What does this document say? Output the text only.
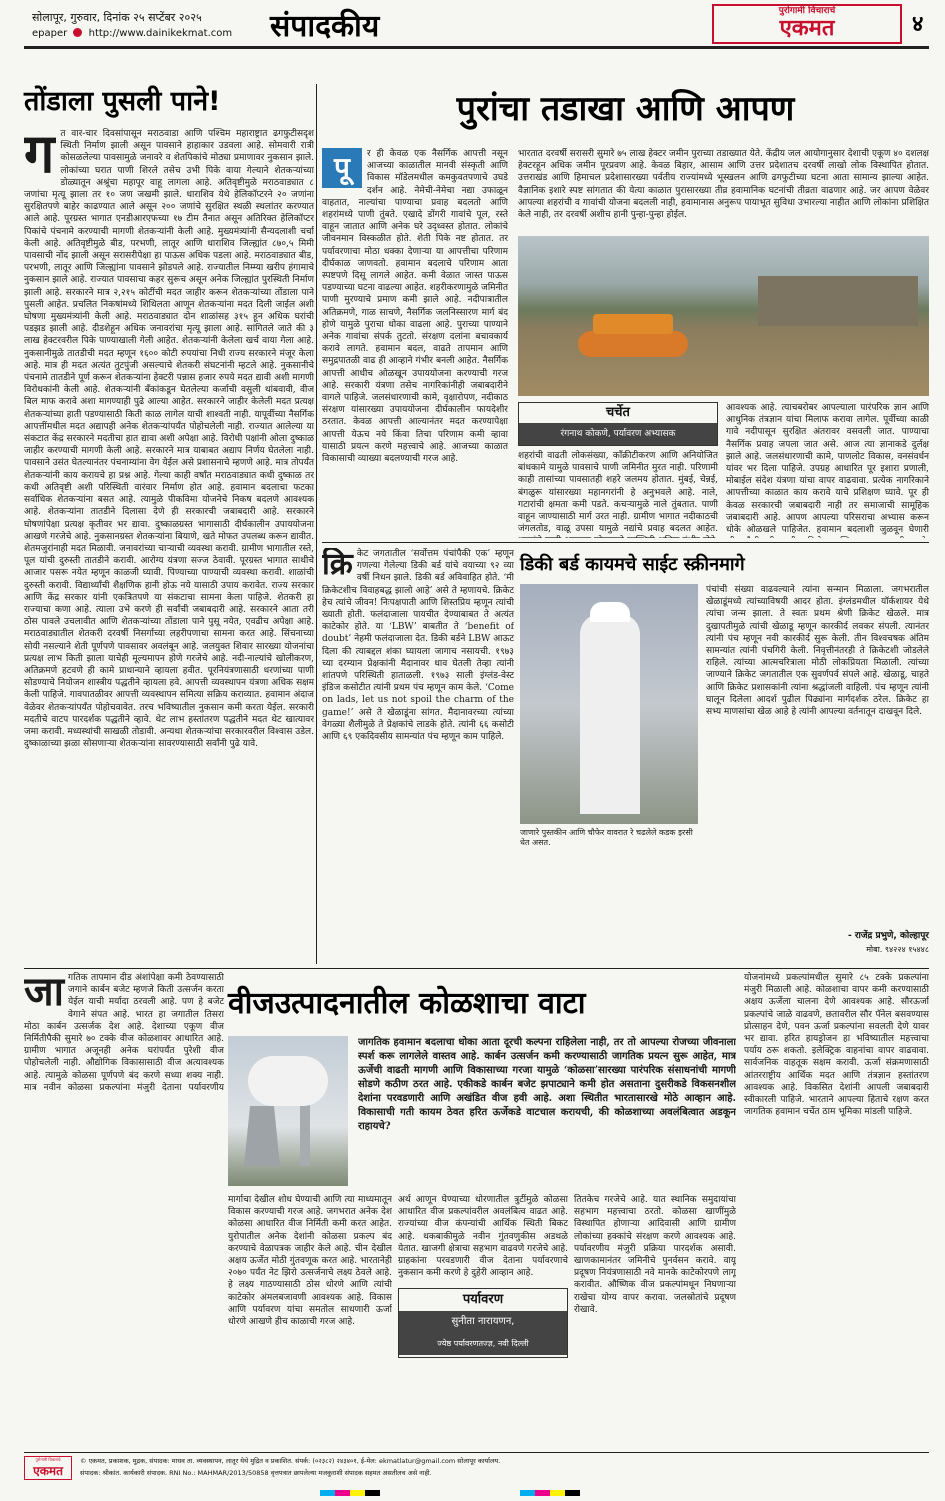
सोलापूर, गुरुवार, दिनांक २५ सप्टेंबर २०२५
epaper http://www.dainikekmat.com संपादकीय	पुरोगामी विचाराचे
एकमत	४
तोंडाला पुसली पाने!
ग त वार-चार दिवसांपासून मराठवाडा आणि पश्चिम महाराष्ट्रात ढगफुटीसदृश स्थिती निर्माण झाली असून पावसाने हाहाकार उडवला आहे. सोमवारी रात्री कोसळलेल्या पावसामुळे जनावरे व शेतपिकांचे मोठ्या प्रमाणावर नुकसान झाले. लोकांच्या घरात पाणी शिरले तसेच उभी पिके वाया गेल्याने शेतकऱ्यांच्या डोळ्यातून अश्रूंचा महापूर वाहू लागला आहे. अतिवृष्टीमुळे मराठवाड्यात ८ जणांचा मृत्यू झाला तर १० जण जखमी झाले. धाराशिव येथे हेलिकॉप्टरने २० जणांना सुरक्षितपणे बाहेर काढण्यात आले असून २०० जणांचे सुरक्षित स्थळी स्थलांतर करण्यात आले आहे. पूरग्रस्त भागात एनडीआरएफच्या १७ टीम तैनात असून अतिरिक्त हेलिकॉप्टर पिकांचे पंचनामे करण्याची मागणी शेतकऱ्यांनी केली आहे. मुख्यमंत्र्यांनी सैन्यदलाशी चर्चा केली आहे. अतिवृष्टीमुळे बीड, परभणी, लातूर आणि धाराशिव जिल्ह्यांत ८७०,५ मिमी पावसाची नोंद झाली असून सरासरीपेक्षा हा पाऊस अधिक पडला आहे. मराठवाड्यात बीड, परभणी, लातूर आणि जिल्ह्यांना पावसाने झोडपले आहे. राज्यातील निम्म्या खरीप हंगामाचे नुकसान झाले आहे. राज्यात पावसाचा कहर सुरूच असून अनेक जिल्ह्यांत पुरस्थिती निर्माण झाली आहे. सरकारने मात्र २,२१५ कोटींची मदत जाहीर करून शेतकऱ्यांच्या तोंडाला पाने पुसली आहेत. प्रचलित निकषांमध्ये शिथिलता आणून शेतकऱ्यांना मदत दिली जाईल अशी घोषणा मुख्यमंत्र्यांनी केली आहे. मराठवाड्यात दोन शाळांसह ३१५ हून अधिक घरांची पडझड झाली आहे. दीडशेहून अधिक जनावरांचा मृत्यू झाला आहे. सांगितले जाते की ३ लाख हेक्टरवरील पिके पाण्याखाली गेली आहेत. शेतकऱ्यांनी केलेला खर्च वाया गेला आहे. नुकसानीमुळे तातडीची मदत म्हणून १६०० कोटी रुपयांचा निधी राज्य सरकारने मंजूर केला आहे. मात्र ही मदत अत्यंत तुटपुंजी असल्याचे शेतकरी संघटनांनी म्हटले आहे. नुकसानीचे पंचनामे तातडीने पूर्ण करून शेतकऱ्यांना हेक्टरी पन्नास हजार रुपये मदत द्यावी अशी मागणी विरोधकांनी केली आहे. शेतकऱ्यांनी बँकांकडून घेतलेल्या कर्जाची वसुली थांबवावी, वीज बिल माफ करावे अशा मागण्याही पुढे आल्या आहेत. सरकारने जाहीर केलेली मदत प्रत्यक्ष शेतकऱ्यांच्या हाती पडण्यासाठी किती काळ लागेल याची शाश्वती नाही. यापूर्वीच्या नैसर्गिक आपत्तींमधील मदत अद्यापही अनेक शेतकऱ्यांपर्यंत पोहोचलेली नाही. राज्यात आलेल्या या संकटात केंद्र सरकारने मदतीचा हात द्यावा अशी अपेक्षा आहे. विरोधी पक्षांनी ओला दुष्काळ जाहीर करण्याची मागणी केली आहे. सरकारने मात्र याबाबत अद्याप निर्णय घेतलेला नाही. पावसाने उसंत घेतल्यानंतर पंचनाम्यांना वेग येईल असे प्रशासनाचे म्हणणे आहे. मात्र तोपर्यंत शेतकऱ्यांनी काय करायचे हा प्रश्न आहे. गेल्या काही वर्षांत मराठवाड्यात कधी दुष्काळ तर कधी अतिवृष्टी अशी परिस्थिती वारंवार निर्माण होत आहे. हवामान बदलाचा फटका सर्वाधिक शेतकऱ्यांना बसत आहे. त्यामुळे पीकविमा योजनेचे निकष बदलणे आवश्यक आहे. शेतकऱ्यांना तातडीने दिलासा देणे ही सरकारची जबाबदारी आहे. सरकारने घोषणांपेक्षा प्रत्यक्ष कृतीवर भर द्यावा. दुष्काळग्रस्त भागासाठी दीर्घकालीन उपाययोजना आखणे गरजेचे आहे. नुकसानग्रस्त शेतकऱ्यांना बियाणे, खते मोफत उपलब्ध करून द्यावीत. शेतमजुरांनाही मदत मिळावी. जनावरांच्या चाऱ्याची व्यवस्था करावी. ग्रामीण भागातील रस्ते, पूल यांची दुरुस्ती तातडीने करावी. आरोग्य यंत्रणा सज्ज ठेवावी. पूरग्रस्त भागात साथीचे आजार पसरू नयेत म्हणून काळजी घ्यावी. पिण्याच्या पाण्याची व्यवस्था करावी. शाळांची दुरुस्ती करावी. विद्यार्थ्यांची शैक्षणिक हानी होऊ नये यासाठी उपाय करावेत. राज्य सरकार आणि केंद्र सरकार यांनी एकत्रितपणे या संकटाचा सामना केला पाहिजे. शेतकरी हा राज्याचा कणा आहे. त्याला उभे करणे ही सर्वांची जबाबदारी आहे. सरकारने आता तरी ठोस पावले उचलावीत आणि शेतकऱ्यांच्या तोंडाला पाने पुसू नयेत, एवढीच अपेक्षा आहे. मराठवाड्यातील शेतकरी दरवर्षी निसर्गाच्या लहरीपणाचा सामना करत आहे. सिंचनाच्या सोयी नसल्याने शेती पूर्णपणे पावसावर अवलंबून आहे. जलयुक्त शिवार सारख्या योजनांचा प्रत्यक्ष लाभ किती झाला याचेही मूल्यमापन होणे गरजेचे आहे. नदी-नाल्यांचे खोलीकरण, अतिक्रमणे हटवणे ही कामे प्राधान्याने व्हायला हवीत. पूरनियंत्रणासाठी धरणांच्या पाणी सोडण्याचे नियोजन शास्त्रीय पद्धतीने व्हायला हवे. आपत्ती व्यवस्थापन यंत्रणा अधिक सक्षम केली पाहिजे. गावपातळीवर आपत्ती व्यवस्थापन समित्या सक्रिय कराव्यात. हवामान अंदाज वेळेवर शेतकऱ्यांपर्यंत पोहोचवावेत. तरच भविष्यातील नुकसान कमी करता येईल. सरकारी मदतीचे वाटप पारदर्शक पद्धतीने व्हावे. थेट लाभ हस्तांतरण पद्धतीने मदत थेट खात्यावर जमा करावी. मध्यस्थांची साखळी तोडावी. अन्यथा शेतकऱ्यांचा सरकारवरील विश्वास उडेल. दुष्काळाच्या झळा सोसणाऱ्या शेतकऱ्यांना सावरण्यासाठी सर्वांनी पुढे यावे.
पुरांचा तडाखा आणि आपण
पू	र ही केवळ एक नैसर्गिक आपत्ती नसून आजच्या काळातील मानवी संस्कृती आणि विकास मॉडेलमधील कमकुवतपणाचे उघडे दर्शन आहे. नेमेची-नेमेचा नद्या उफाळून वाहतात, नाल्यांचा पाण्याचा प्रवाह बदलतो आणि शहरांमध्ये पाणी तुंबते. एखादे डोंगरी गावांचे पूल, रस्ते वाहून जातात आणि अनेक घरे उद्ध्वस्त होतात. लोकांचे जीवनमान विस्कळीत होते. शेती पिके नष्ट होतात. तर पर्यावरणाचा मोठा धक्का देणाऱ्या या आपत्तीचा परिणाम दीर्घकाळ जाणवतो. हवामान बदलाचे परिणाम आता स्पष्टपणे दिसू लागले आहेत. कमी वेळात जास्त पाऊस पडण्याच्या घटना वाढल्या आहेत. शहरीकरणामुळे जमिनीत पाणी मुरण्याचे प्रमाण कमी झाले आहे. नदीपात्रातील अतिक्रमणे, गाळ साचणे, नैसर्गिक जलनिस्सारण मार्ग बंद होणे यामुळे पुराचा धोका वाढला आहे. पुराच्या पाण्याने अनेक गावांचा संपर्क तुटतो. संरक्षण दलांना बचावकार्य करावे लागते. हवामान बदल, वाढते तापमान आणि समुद्रपातळी वाढ ही आव्हाने गंभीर बनली आहेत. नैसर्गिक आपत्ती आधीच ओळखून उपाययोजना करण्याची गरज आहे. सरकारी यंत्रणा तसेच नागरिकांनीही जबाबदारीने वागले पाहिजे. जलसंधारणाची कामे, वृक्षारोपण, नदीकाठ संरक्षण यांसारख्या उपाययोजना दीर्घकालीन फायदेशीर ठरतात. केवळ आपत्ती आल्यानंतर मदत करण्यापेक्षा आपत्ती येऊच नये किंवा तिचा परिणाम कमी व्हावा यासाठी प्रयत्न करणे महत्त्वाचे आहे. आजच्या काळात विकासाची व्याख्या बदलण्याची गरज आहे.
भारतात दरवर्षी सरासरी सुमारे ७५ लाख हेक्टर जमीन पुराच्या तडाख्यात येते. केंद्रीय जल आयोगानुसार देशाची एकूण ४० दशलक्ष हेक्टरहून अधिक जमीन पूरप्रवण आहे. केवळ बिहार, आसाम आणि उत्तर प्रदेशातच दरवर्षी लाखो लोक विस्थापित होतात. उत्तराखंड आणि हिमाचल प्रदेशासारख्या पर्वतीय राज्यांमध्ये भूस्खलन आणि ढगफुटीच्या घटना आता सामान्य झाल्या आहेत. वैज्ञानिक इशारे स्पष्ट सांगतात की येत्या काळात पुरासारख्या तीव्र हवामानिक घटनांची तीव्रता वाढणार आहे. जर आपण वेळेवर आपल्या शहरांची व गावांची योजना बदलली नाही, हवामानास अनुरूप पायाभूत सुविधा उभारल्या नाहीत आणि लोकांना प्रशिक्षित केले नाही, तर दरवर्षी अशीच हानी पुन्हा-पुन्हा होईल.
चर्चेत
रंगनाथ कोकणे, पर्यावरण अभ्यासक
शहरांची वाढती लोकसंख्या, काँक्रीटीकरण आणि अनियोजित बांधकामे यामुळे पावसाचे पाणी जमिनीत मुरत नाही. परिणामी काही तासांच्या पावसातही शहरे जलमय होतात. मुंबई, चेन्नई, बंगळुरू यांसारख्या महानगरांनी हे अनुभवले आहे. नाले, गटारांची क्षमता कमी पडते. कचऱ्यामुळे नाले तुंबतात. पाणी वाहून जाण्यासाठी मार्ग उरत नाही. ग्रामीण भागात नदीकाठची जंगलतोड, वाळू उपसा यामुळे नद्यांचे प्रवाह बदलत आहेत.
आवश्यक आहे. त्याचबरोबर आपल्याला पारंपरिक ज्ञान आणि आधुनिक तंत्रज्ञान यांचा मिलाफ करावा लागेल. पूर्वीच्या काळी गावे नदीपासून सुरक्षित अंतरावर वसवली जात. पाण्याचा नैसर्गिक प्रवाह जपला जात असे. आज त्या ज्ञानाकडे दुर्लक्ष झाले आहे. जलसंधारणाची कामे, पाणलोट विकास, वनसंवर्धन यांवर भर दिला पाहिजे. उपग्रह आधारित पूर इशारा प्रणाली, मोबाईल संदेश यंत्रणा यांचा वापर वाढवावा. प्रत्येक नागरिकाने आपत्तीच्या काळात काय करावे याचे प्रशिक्षण घ्यावे. पूर ही केवळ सरकारची जबाबदारी नाही तर समाजाची सामूहिक जबाबदारी आहे. आपण आपल्या परिसराचा अभ्यास करून धोके ओळखले पाहिजेत. हवामान बदलाशी जुळवून घेणारी
डिकी बर्ड कायमचे साईट स्क्रीनमागे
क्रि केट जगतातील ‘सर्वोत्तम पंचांपैकी एक’ म्हणून गणल्या गेलेल्या डिकी बर्ड यांचे वयाच्या ९२ व्या वर्षी निधन झाले. डिकी बर्ड अविवाहित होते. ‘मी क्रिकेटशीच विवाहबद्ध झालो आहे’ असे ते म्हणायचे. क्रिकेट हेच त्यांचे जीवन! निःपक्षपाती आणि शिस्तप्रिय म्हणून त्यांची ख्याती होती. फलंदाजाला पायचीत देण्याबाबत ते अत्यंत काटेकोर होते. या ‘LBW’ बाबतीत ते ‘benefit of doubt’ नेहमी फलंदाजाला देत. डिकी बर्डने LBW आऊट दिला की त्याबद्दल शंका घ्यायला जागाच नसायची. १९७३ च्या दरम्यान प्रेक्षकांनी मैदानावर धाव घेतली तेव्हा त्यांनी शांतपणे परिस्थिती हाताळली. १९७३ साली इंग्लंड-वेस्ट इंडिज कसोटीत त्यांनी प्रथम पंच म्हणून काम केले. ‘Come on lads, let us not spoil the charm of the game!’ असे ते खेळाडूंना सांगत. मैदानावरच्या त्यांच्या वेगळ्या शैलीमुळे ते प्रेक्षकांचे लाडके होते. त्यांनी ६६ कसोटी आणि ६९ एकदिवसीय सामन्यांत पंच म्हणून काम पाहिले.
जाणारे पुस्तकीन आणि चौफेर वावरात रे चढलेले कडक इरसी धेत असत.
पंचांची संख्या वाढवल्याने त्यांना सन्मान मिळाला. जगभरातील खेळाडूंमध्ये त्यांच्याविषयी आदर होता. इंग्लंडमधील यॉर्कशायर येथे त्यांचा जन्म झाला. ते स्वतः प्रथम श्रेणी क्रिकेट खेळले. मात्र दुखापतीमुळे त्यांची खेळाडू म्हणून कारकीर्द लवकर संपली. त्यानंतर त्यांनी पंच म्हणून नवी कारकीर्द सुरू केली. तीन विश्वचषक अंतिम सामन्यांत त्यांनी पंचगिरी केली. निवृत्तीनंतरही ते क्रिकेटशी जोडलेले राहिले. त्यांच्या आत्मचरित्राला मोठी लोकप्रियता मिळाली. त्यांच्या जाण्याने क्रिकेट जगतातील एक सुवर्णपर्व संपले आहे. खेळाडू, चाहते आणि क्रिकेट प्रशासकांनी त्यांना श्रद्धांजली वाहिली. पंच म्हणून त्यांनी घालून दिलेला आदर्श पुढील पिढ्यांना मार्गदर्शक ठरेल. क्रिकेट हा सभ्य माणसांचा खेळ आहे हे त्यांनी आपल्या वर्तनातून दाखवून दिले.
- राजेंद्र प्रभुणे, कोल्हापूर
मोबा. ९४२२४ १५४४८
जा गतिक तापमान दीड अंशांपेक्षा कमी ठेवण्यासाठी जगाने कार्बन बजेट म्हणजे किती उत्सर्जन करता येईल याची मर्यादा ठरवली आहे. पण हे बजेट वेगाने संपत आहे. भारत हा जगातील तिसरा मोठा कार्बन उत्सर्जक देश आहे. देशाच्या एकूण वीज निर्मितीपैकी सुमारे ७० टक्के वीज कोळशावर आधारित आहे. ग्रामीण भागात अजूनही अनेक घरांपर्यंत पुरेशी वीज पोहोचलेली नाही. औद्योगिक विकासासाठी वीज अत्यावश्यक आहे. त्यामुळे कोळसा पूर्णपणे बंद करणे सध्या शक्य नाही. मात्र नवीन कोळसा प्रकल्पांना मंजुरी देताना पर्यावरणीय
वीजउत्पादनातील कोळशाचा वाटा
जागतिक हवामान बदलाचा धोका आता दूरची कल्पना राहिलेला नाही, तर तो आपल्या रोजच्या जीवनाला स्पर्श करू लागलेले वास्तव आहे. कार्बन उत्सर्जन कमी करण्यासाठी जागतिक प्रयत्न सुरू आहेत, मात्र ऊर्जेची वाढती मागणी आणि विकासाच्या गरजा यामुळे ‘कोळसा’सारख्या पारंपरिक संसाधनांची मागणी सोडणे कठीण ठरत आहे. एकीकडे कार्बन बजेट झपाट्याने कमी होत असताना दुसरीकडे विकसनशील देशांना परवडणारी आणि अखंडित वीज हवी आहे. अशा स्थितीत भारतासारखे मोठे आव्हान आहे. विकासाची गती कायम ठेवत हरित ऊर्जेकडे वाटचाल करायची, की कोळशाच्या अवलंबित्वात अडकून राहायचे?
मार्गाचा देखील शोध घेण्याची आणि त्या माध्यमातून विकास करण्याची गरज आहे. जगभरात अनेक देश कोळसा आधारित वीज निर्मिती कमी करत आहेत. युरोपातील अनेक देशांनी कोळसा प्रकल्प बंद करण्याचे वेळापत्रक जाहीर केले आहे. चीन देखील अक्षय ऊर्जेत मोठी गुंतवणूक करत आहे. भारतानेही २०७० पर्यंत नेट झिरो उत्सर्जनाचे लक्ष्य ठेवले आहे. हे लक्ष्य गाठण्यासाठी ठोस धोरणे आणि त्यांची काटेकोर अंमलबजावणी आवश्यक आहे. विकास आणि पर्यावरण यांचा समतोल साधणारी ऊर्जा धोरणे आखणे हीच काळाची गरज आहे.
पर्यावरण
सुनीता नारायणन,
ज्येष्ठ पर्यावरणतज्ज्ञ, नवी दिल्ली
अर्थ आणून घेण्याच्या धोरणातील त्रुटींमुळे कोळसा आधारित वीज प्रकल्पांवरील अवलंबित्व वाढत आहे. राज्यांच्या वीज कंपन्यांची आर्थिक स्थिती बिकट आहे. थकबाकीमुळे नवीन गुंतवणुकीस अडथळे येतात. खाजगी क्षेत्राचा सहभाग वाढवणे गरजेचे आहे. ग्राहकांना परवडणारी वीज देताना पर्यावरणाचे नुकसान कमी करणे हे दुहेरी आव्हान आहे.
तितकेच गरजेचे आहे. यात स्थानिक समुदायांचा सहभाग महत्त्वाचा ठरतो. कोळसा खाणींमुळे विस्थापित होणाऱ्या आदिवासी आणि ग्रामीण लोकांच्या हक्कांचे संरक्षण करणे आवश्यक आहे. पर्यावरणीय मंजुरी प्रक्रिया पारदर्शक असावी. खाणकामानंतर जमिनीचे पुनर्वसन करावे. वायू प्रदूषण नियंत्रणासाठी नवे मानके काटेकोरपणे लागू करावीत. औष्णिक वीज प्रकल्पांमधून निघणाऱ्या राखेचा योग्य वापर करावा. जलस्रोतांचे प्रदूषण रोखावे.
योजनांमध्ये प्रकल्पांमधील सुमारे ८५ टक्के प्रकल्पांना मंजुरी मिळाली आहे. कोळशाचा वापर कमी करण्यासाठी अक्षय ऊर्जेला चालना देणे आवश्यक आहे. सौरऊर्जा प्रकल्पांचे जाळे वाढवणे, छतावरील सौर पॅनेल बसवण्यास प्रोत्साहन देणे, पवन ऊर्जा प्रकल्पांना सवलती देणे यावर भर द्यावा. हरित हायड्रोजन हा भविष्यातील महत्त्वाचा पर्याय ठरू शकतो. इलेक्ट्रिक वाहनांचा वापर वाढवावा. सार्वजनिक वाहतूक सक्षम करावी. ऊर्जा संक्रमणासाठी आंतरराष्ट्रीय आर्थिक मदत आणि तंत्रज्ञान हस्तांतरण आवश्यक आहे. विकसित देशांनी आपली जबाबदारी स्वीकारली पाहिजे. भारताने आपल्या हिताचे रक्षण करत जागतिक हवामान चर्चेत ठाम भूमिका मांडली पाहिजे.
पुरोगामी विचाराचे
एकमत
© एकमत, प्रकाशक, मुद्रक, संपादक: माधव ता. व्यवस्थापन, लातूर येथे मुद्रित व प्रकाशित. संपर्क: (०२३८२) २४३४०१, ई-मेल: ekmatlatur@gmail.com सोलापूर कार्यालय.
संपादक: श्रीकांत. कार्यकारी संपादक. RNI No.: MAHMAR/2013/50858 वृत्तपत्रात छापलेल्या मजकुराशी संपादक सहमत असतीलच असे नाही.
